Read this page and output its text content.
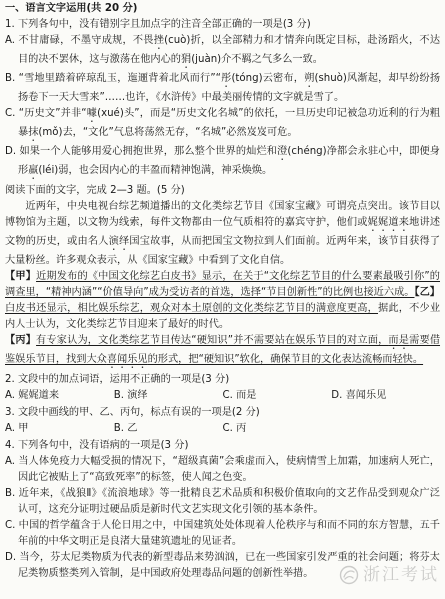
一、语言文字运用(共 20 分)

1. 下列各句中，没有错别字且加点字的注音全部正确的一项是(3 分)

A. 不甘庸碌，不墨守成规，不畏挫(cuò)折，以全部精力和才情奔向既定目标，赴汤蹈火，不达目的决不罢休，这与激荡在他内心的狷(juàn)介不羁之气多么一致。

B. “雪地里踏着碎琼乱玉，迤逦背着北风而行”“彤(tóng)云密布，朔(shuò)风渐起，却早纷纷扬扬卷下一天大雪来”……也许，《水浒传》中最美丽传情的文字就是雪了。

C. “历史文”并非“噱(xué)头”，而是“历史文化名城”的依托，一旦历史印记被急功近利的行为粗暴抹(mǒ)去，“文化”气息将荡然无存，“名城”必然岌岌可危。

D. 如果一个人能够用爱心拥抱世界，那么整个世界的灿烂和澄(chéng)净都会永驻心中，即便身形羸(léi)弱，也会因内心的丰盈而精神饱满，神采焕焕。

阅读下面的文字，完成 2—3 题。(5 分)

近两年，中央电视台综艺频道播出的文化类综艺节目《国家宝藏》可谓亮点突出。该节目以博物馆为主题，以文物为线索，每件文物都由一位气质相符的嘉宾守护，他们或娓娓道来地讲述文物的历史，或由名人演绎国宝故事，从而把国宝文物拉到人们面前。近两年来，该节目获得了大量粉丝。许多观众表示，从《国家宝藏》中看到了文化自信。

【甲】近期发布的《中国文化综艺白皮书》显示，在关于“文化综艺节目的什么要素最吸引你”的调查里，“精神内涵”“价值导向”成为受访者的首选，选择“节目创新性”的比例也接近六成。【乙】白皮书还显示，相比娱乐综艺，观众对本土原创的文化类综艺节目的满意度更高，据此，不少业内人士认为，文化类综艺节目迎来了最好的时代。

【丙】有专家认为，文化类综艺节目传达“硬知识”并不需要站在娱乐节目的对立面，而是需要借鉴娱乐节目，找到大众喜闻乐见的形式，把“硬知识”软化，确保节目的文化表达流畅而轻快。

2. 文段中的加点词语，运用不正确的一项是(3 分)

A. 娓娓道来	B. 演绎	C. 而是	D. 喜闻乐见

3. 文段中画线的甲、乙、丙句，标点有误的一项是(2 分)

A. 甲	B. 乙	C. 丙

4. 下列各句中，没有语病的一项是(3 分)

A. 当人体免疫力大幅受损的情况下，“超级真菌”会乘虚而入，使病情雪上加霜，加速病人死亡，因此它被贴上了“高致死率”的标签，使人闻之色变。

B. 近年来，《战狼Ⅱ》《流浪地球》等一批精良艺术品质和积极价值取向的文艺作品受到观众广泛认可，这充分证明过硬品质是新时代文艺实现文化引领的基本条件。

C. 中国的哲学蕴含于人伦日用之中，中国建筑处处体现着人伦秩序与和而不同的东方智慧，五千年前的中华文明正是良渚大量建筑遗址的见证者。

D. 当今，芬太尼类物质为代表的新型毒品来势汹汹，已在一些国家引发严重的社会问题；将芬太尼类物质整类列入管制，是中国政府处理毒品问题的创新性举措。	浙江考试
